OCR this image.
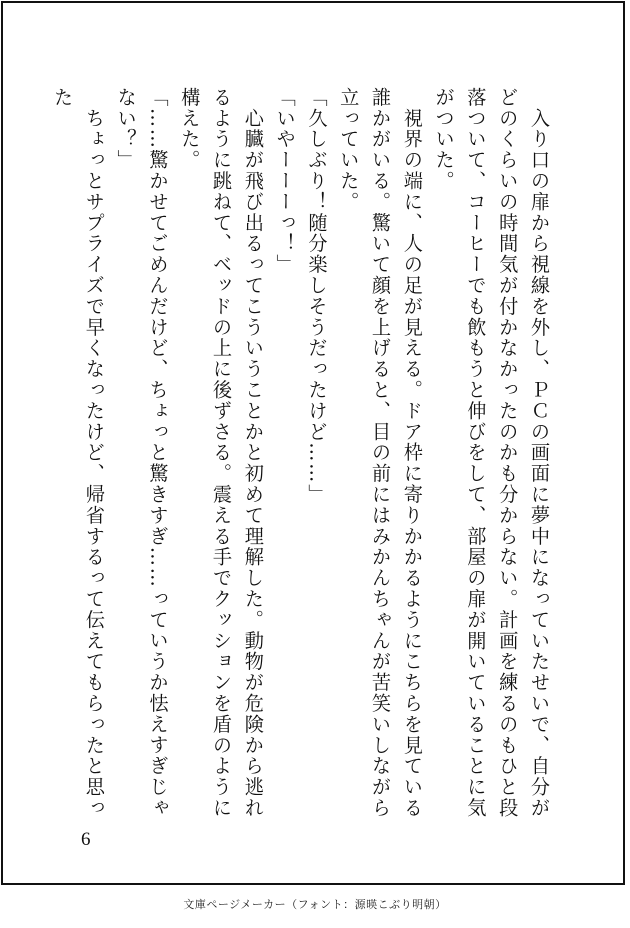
　入り口の扉から視線を外し、ＰＣの画面に夢中になっていたせいで、自分がどのくらいの時間気が付かなかったのかも分からない。計画を練るのもひと段落ついて、コーヒーでも飲もうと伸びをして、部屋の扉が開いていることに気がついた。

　視界の端に、人の足が見える。ドア枠に寄りかかるようにこちらを見ている誰かがいる。驚いて顔を上げると、目の前にはみかんちゃんが苦笑いしながら立っていた。

「久しぶり！随分楽しそうだったけど……」

「いやーーーっ！」

　心臓が飛び出るってこういうことかと初めて理解した。動物が危険から逃れるように跳ねて、ベッドの上に後ずさる。震える手でクッションを盾のように構えた。

「……驚かせてごめんだけど、ちょっと驚きすぎ……っていうか怯えすぎじゃない？」

　ちょっとサプライズで早くなったけど、帰省するって伝えてもらったと思った

6
文庫ページメーカー（フォント：源暎こぶり明朝）
